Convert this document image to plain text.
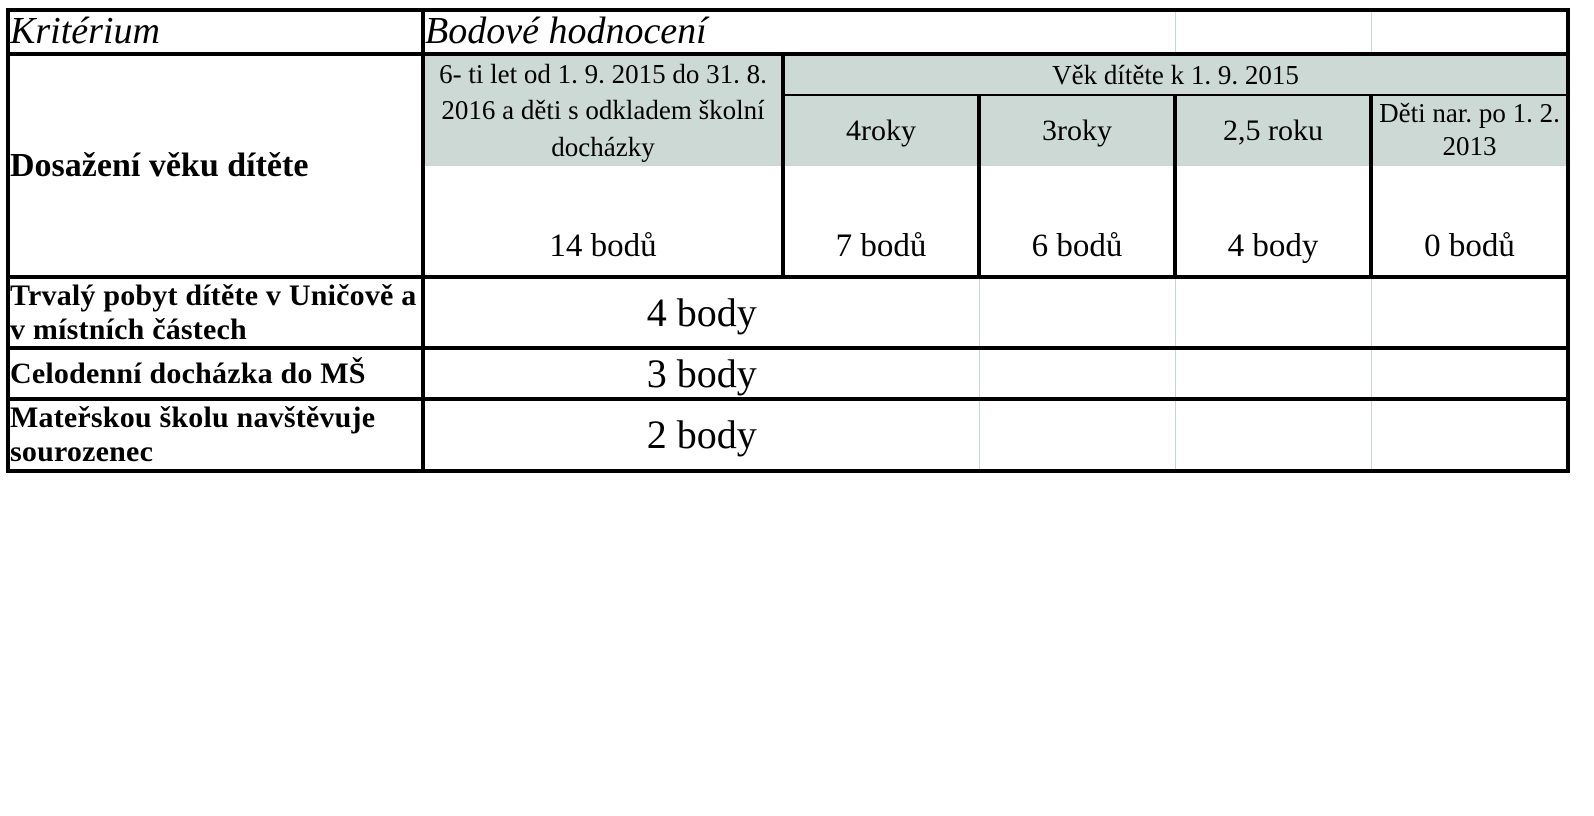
Kritérium	Bodové hodnocení				
Dosažení věku dítěte	6- ti let od 1. 9. 2015 do 31. 8. 2016 a děti s odkladem školní docházky	Věk dítěte k 1. 9. 2015			
		4roky	3roky	2,5 roku	Děti nar. po 1. 2. 2013

	14 bodů	7 bodů	6 bodů	4 body	0 bodů

Trvalý pobyt dítěte v Uničově a v místních částech	4 body				
Celodenní docházka do MŠ	3 body				
Mateřskou školu navštěvuje sourozenec	2 body				
